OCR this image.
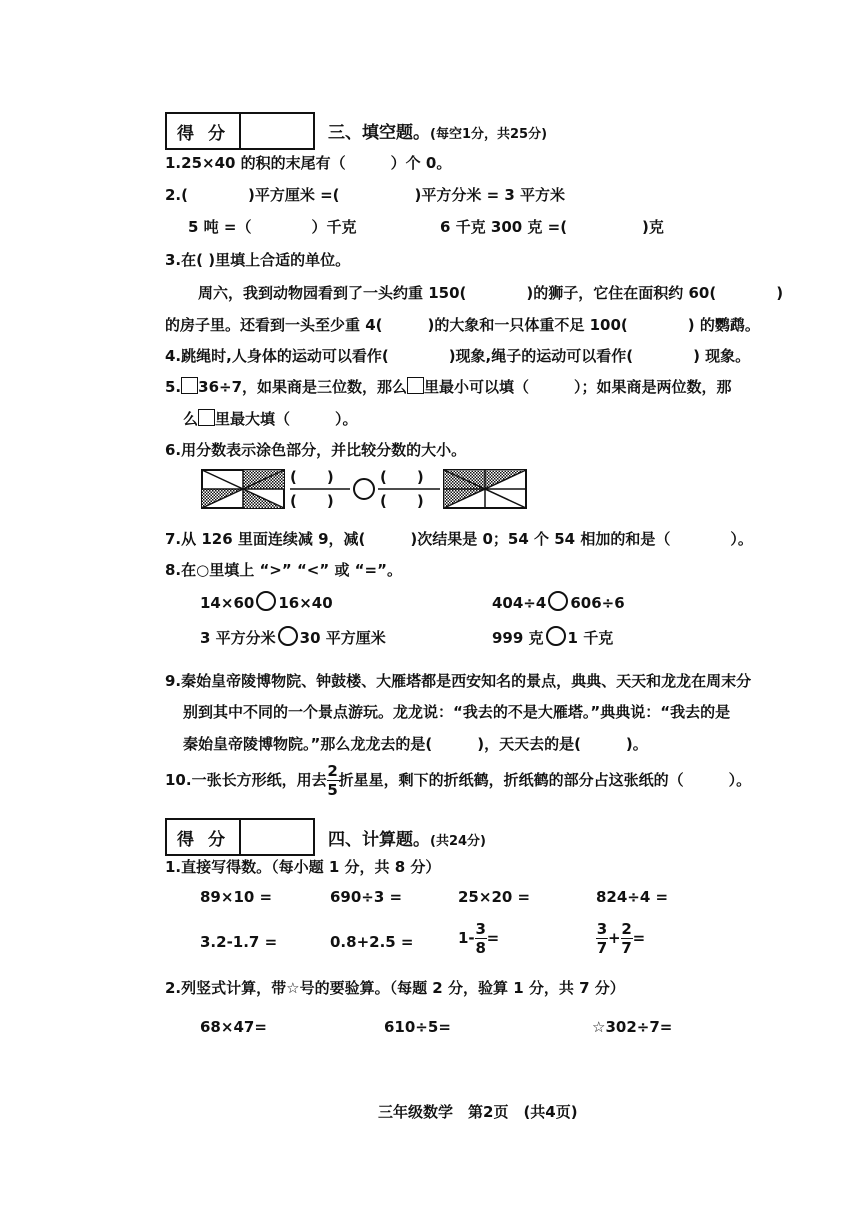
得 分	三、填空题。(每空1分，共25分)
1.25×40 的积的末尾有（　　　）个 0。
2.(　　　　)平方厘米 =(　　　　　)平方分米 = 3 平方米
5 吨 =（　　　　）千克	6 千克 300 克 =(　　　　　)克
3.在( )里填上合适的单位。
周六，我到动物园看到了一头约重 150(　　　　)的狮子，它住在面积约 60(　　　　)
的房子里。还看到一头至少重 4(　　　)的大象和一只体重不足 100(　　　　) 的鹦鹉。
4.跳绳时,人身体的运动可以看作(　　　　)现象,绳子的运动可以看作(　　　　) 现象。
5. 36÷7，如果商是三位数，那么 里最小可以填（　　　）；如果商是两位数，那
么 里最大填（　　　）。
6.用分数表示涂色部分，并比较分数的大小。
(　　)
(　　)
(　　)
(　　)
7.从 126 里面连续减 9，减(　　　)次结果是 0；54 个 54 相加的和是（　　　　）。
8.在○里填上 “>” “<” 或 “=”。
14×60 16×40	404÷4 606÷6
3 平方分米 30 平方厘米	999 克 1 千克
9.秦始皇帝陵博物院、钟鼓楼、大雁塔都是西安知名的景点，典典、天天和龙龙在周末分
别到其中不同的一个景点游玩。龙龙说：“我去的不是大雁塔。”典典说：“我去的是
秦始皇帝陵博物院。”那么龙龙去的是(　　　)，天天去的是(　　　)。
10.一张长方形纸，用去 $\frac{2}{5}$ 折星星，剩下的折纸鹤，折纸鹤的部分占这张纸的（　　　）。
得 分	四、计算题。(共24分)
1.直接写得数。（每小题 1 分，共 8 分）
89×10 =	690÷3 =	25×20 =	824÷4 =
3.2-1.7 =	0.8+2.5 =	$1- \frac{3}{8}$ =	$\frac{3}{7} + \frac{2}{7}$ =
2.列竖式计算，带☆号的要验算。（每题 2 分，验算 1 分，共 7 分）
68×47=	610÷5=	☆302÷7=
三年级数学　第2页　(共4页)
